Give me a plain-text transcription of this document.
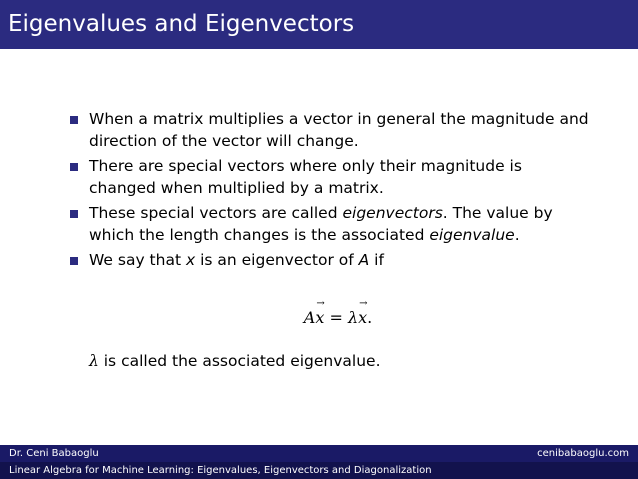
Eigenvalues and Eigenvectors
When a matrix multiplies a vector in general the magnitude and direction of the vector will change.
There are special vectors where only their magnitude is changed when multiplied by a matrix.
These special vectors are called eigenvectors. The value by which the length changes is the associated eigenvalue.
We say that x is an eigenvector of A if
Ax → = λx →.
λ is called the associated eigenvalue.
Dr. Ceni Babaoglu	cenibabaoglu.com
Linear Algebra for Machine Learning: Eigenvalues, Eigenvectors and Diagonalization
